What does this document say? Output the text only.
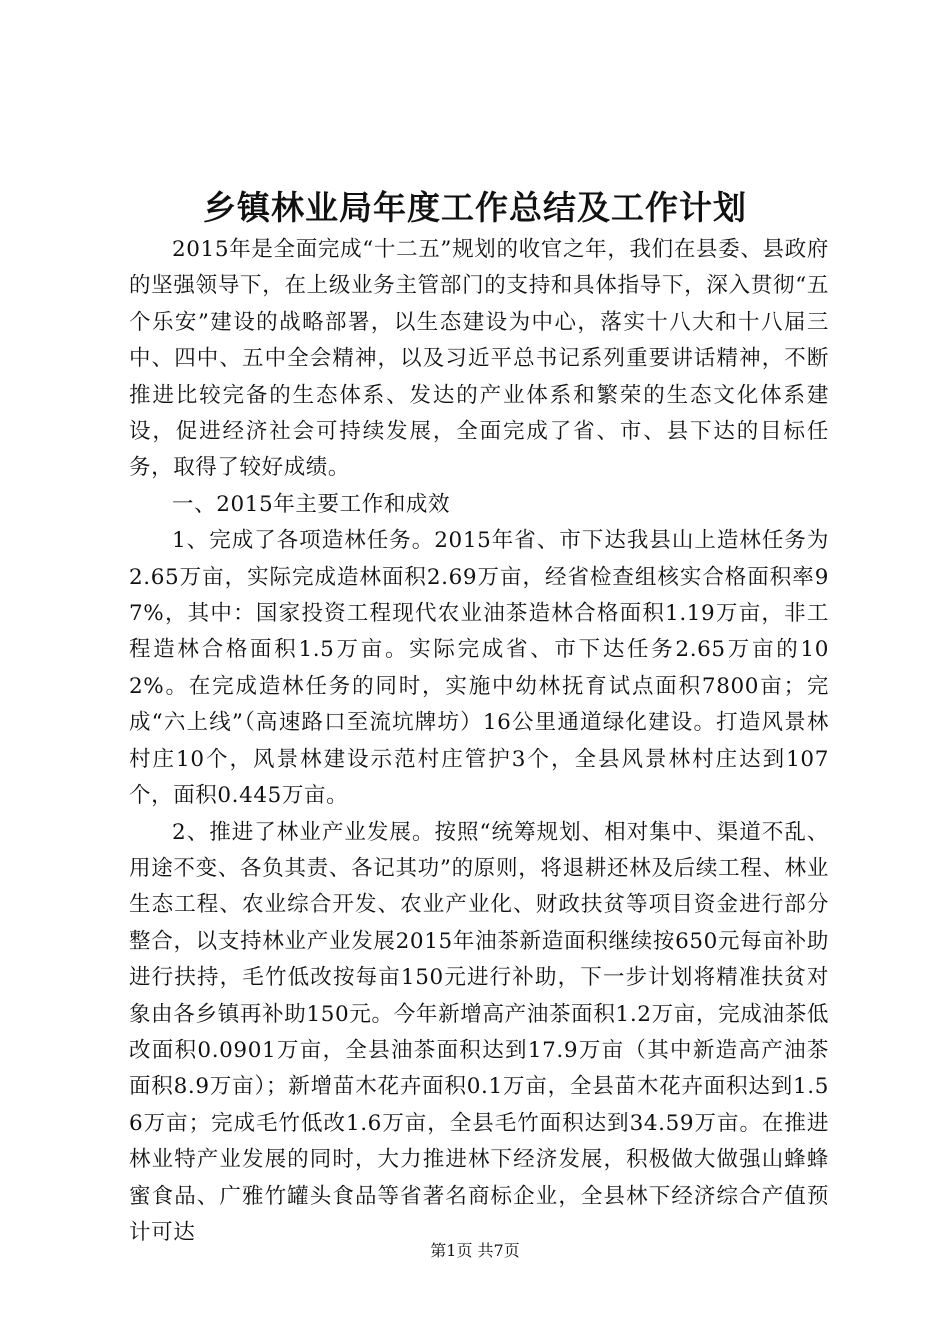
乡镇林业局年度工作总结及工作计划

2015年是全面完成“十二五”规划的收官之年，我们在县委、县政府的坚强领导下，在上级业务主管部门的支持和具体指导下，深入贯彻“五个乐安”建设的战略部署，以生态建设为中心，落实十八大和十八届三中、四中、五中全会精神，以及习近平总书记系列重要讲话精神，不断推进比较完备的生态体系、发达的产业体系和繁荣的生态文化体系建设，促进经济社会可持续发展，全面完成了省、市、县下达的目标任务，取得了较好成绩。

一、2015年主要工作和成效

1、完成了各项造林任务。2015年省、市下达我县山上造林任务为2.65万亩，实际完成造林面积2.69万亩，经省检查组核实合格面积率97%，其中：国家投资工程现代农业油茶造林合格面积1.19万亩，非工程造林合格面积1.5万亩。实际完成省、市下达任务2.65万亩的102%。在完成造林任务的同时，实施中幼林抚育试点面积7800亩；完成“六上线”（高速路口至流坑牌坊）16公里通道绿化建设。打造风景林村庄10个，风景林建设示范村庄管护3个，全县风景林村庄达到107个，面积0.445万亩。

2、推进了林业产业发展。按照“统筹规划、相对集中、渠道不乱、用途不变、各负其责、各记其功”的原则，将退耕还林及后续工程、林业生态工程、农业综合开发、农业产业化、财政扶贫等项目资金进行部分整合，以支持林业产业发展2015年油茶新造面积继续按650元每亩补助进行扶持，毛竹低改按每亩150元进行补助，下一步计划将精准扶贫对象由各乡镇再补助150元。今年新增高产油茶面积1.2万亩，完成油茶低改面积0.0901万亩，全县油茶面积达到17.9万亩（其中新造高产油茶面积8.9万亩）；新增苗木花卉面积0.1万亩，全县苗木花卉面积达到1.56万亩；完成毛竹低改1.6万亩，全县毛竹面积达到34.59万亩。在推进林业特产业发展的同时，大力推进林下经济发展，积极做大做强山蜂蜂蜜食品、广雅竹罐头食品等省著名商标企业，全县林下经济综合产值预计可达

第1页 共7页
